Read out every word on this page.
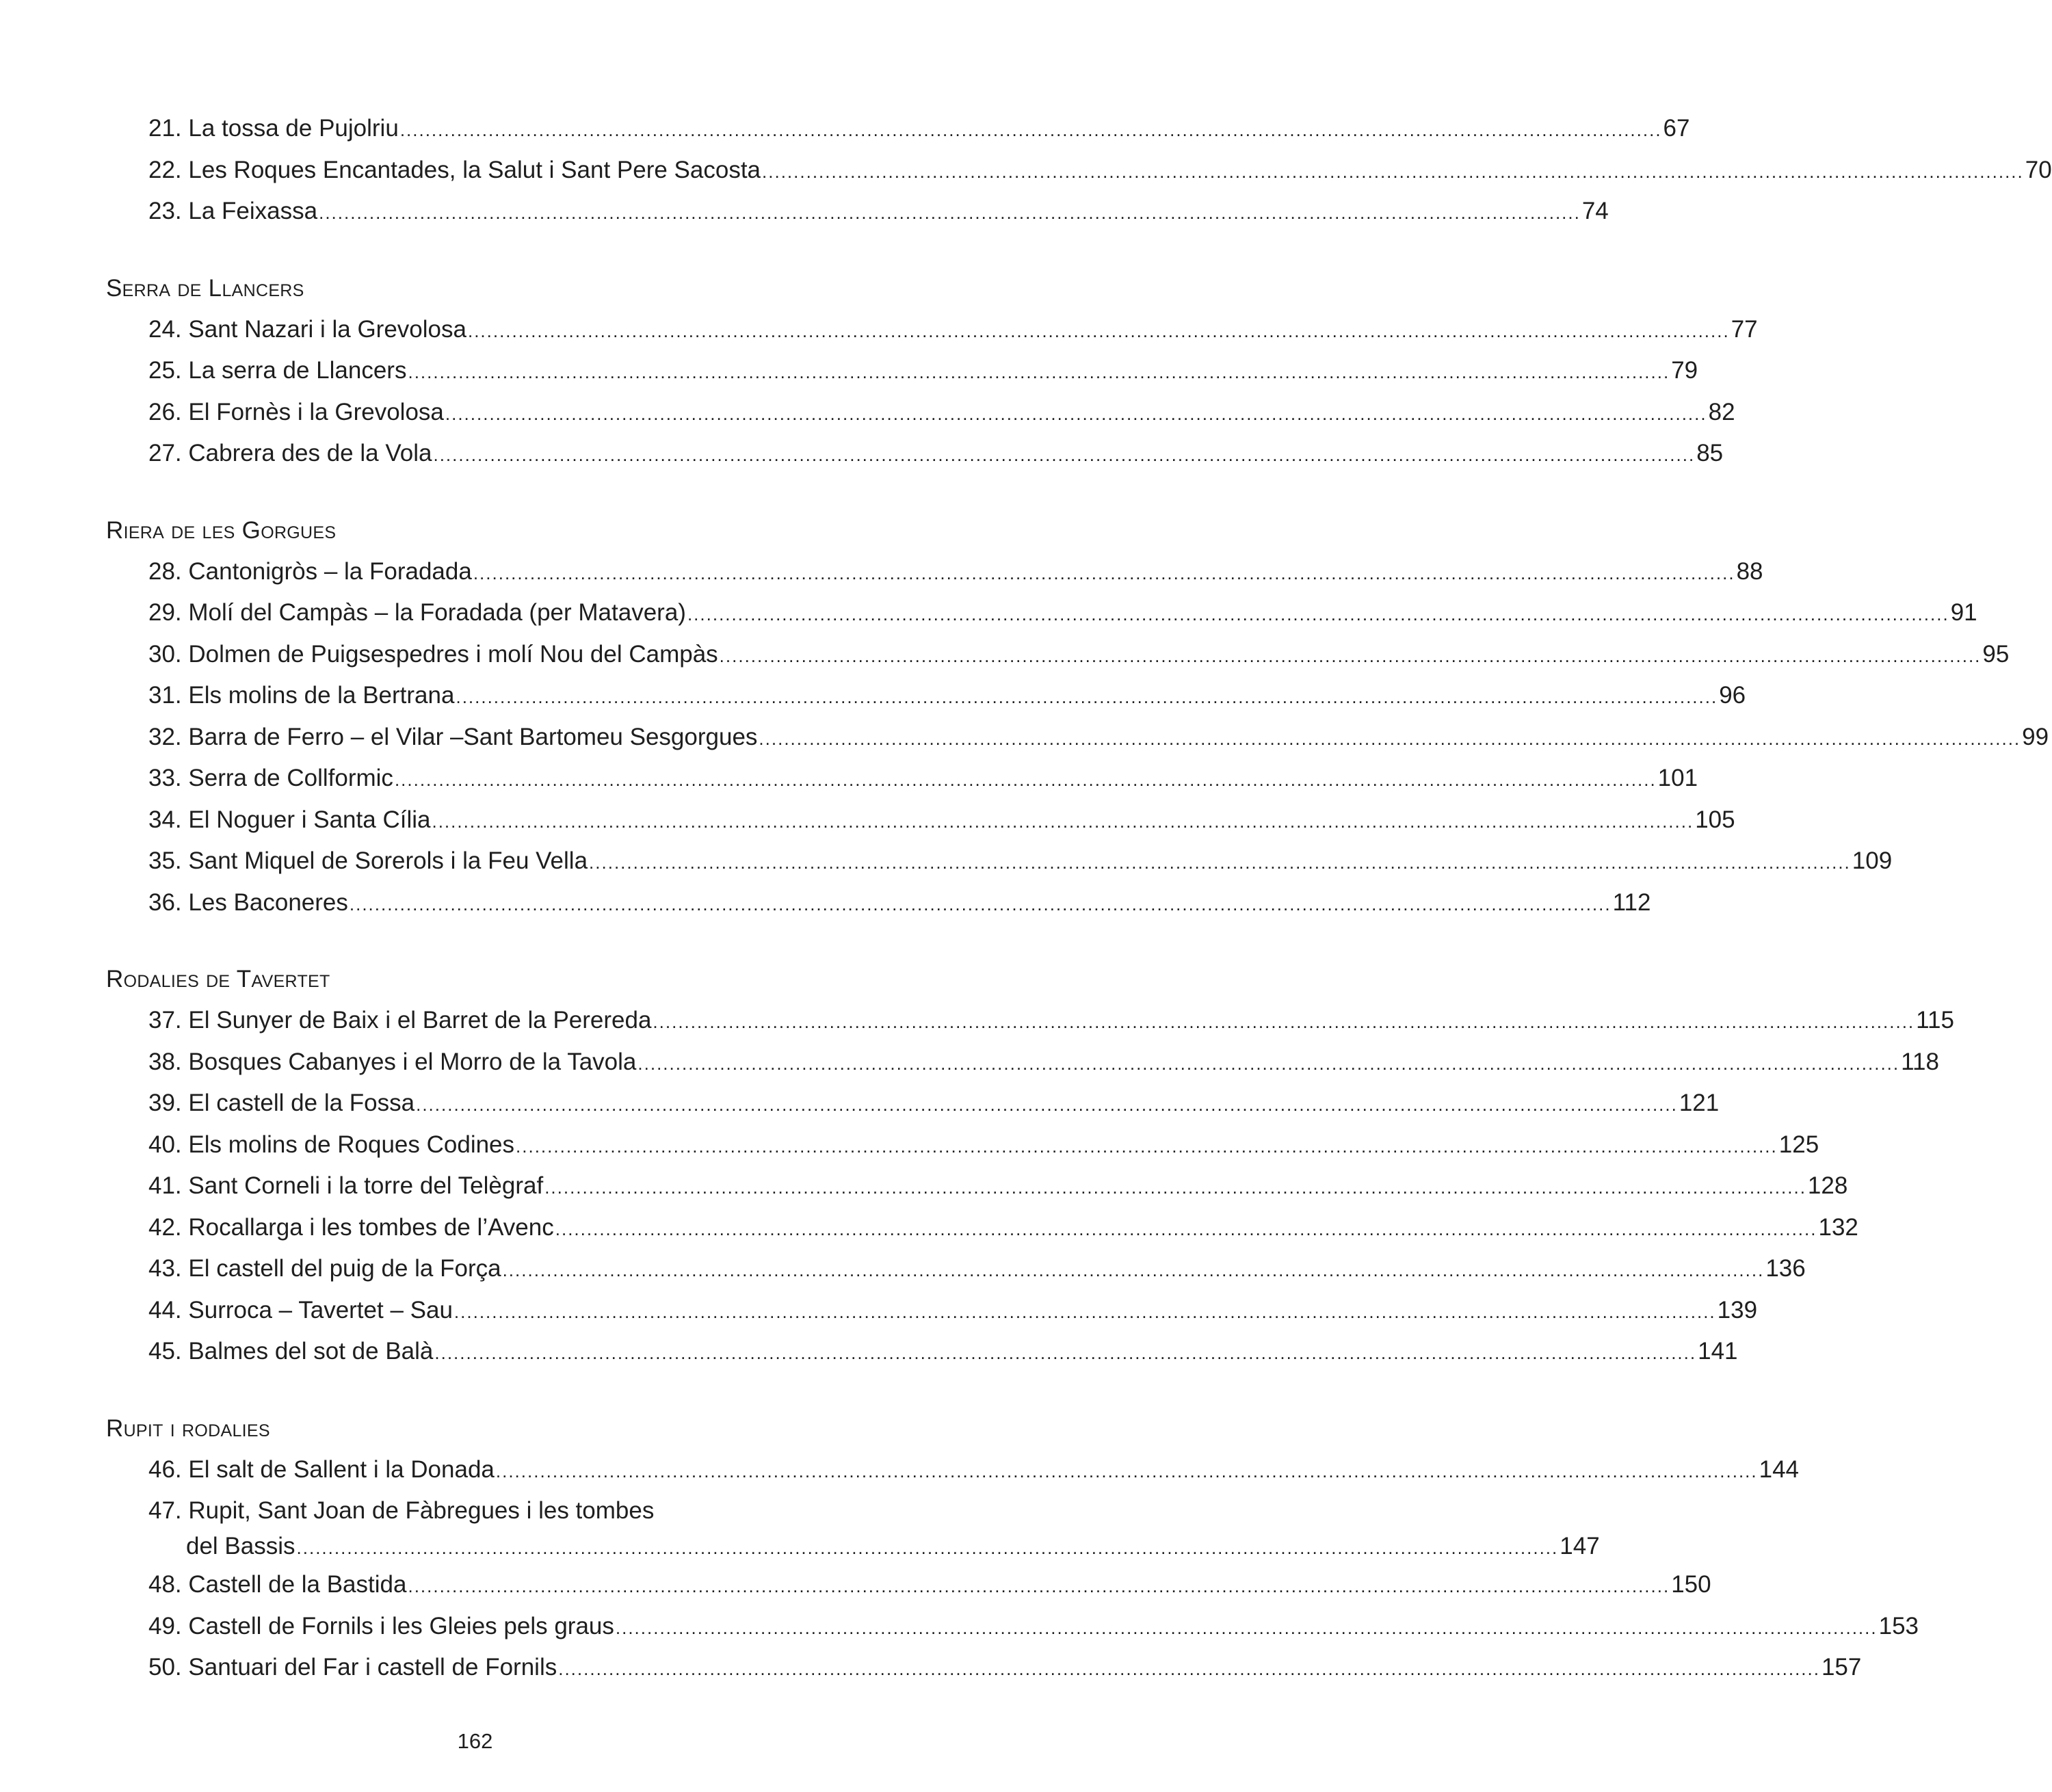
21. La tossa de Pujolriu .....	67
22. Les Roques Encantades, la Salut i Sant Pere Sacosta .....	70
23. La Feixassa .....	74
Serra de Llancers
24. Sant Nazari i la Grevolosa .....	77
25. La serra de Llancers .....	79
26. El Fornès i la Grevolosa .....	82
27. Cabrera des de la Vola .....	85
Riera de les Gorgues
28. Cantonigròs – la Foradada .....	88
29. Molí del Campàs – la Foradada (per Matavera) .....	91
30. Dolmen de Puigsespedres i molí Nou del Campàs .....	95
31. Els molins de la Bertrana .....	96
32. Barra de Ferro – el Vilar –Sant Bartomeu Sesgorgues .....	99
33. Serra de Collformic .....	101
34. El Noguer i Santa Cília .....	105
35. Sant Miquel de Sorerols i la Feu Vella .....	109
36. Les Baconeres .....	112
Rodalies de Tavertet
37. El Sunyer de Baix i el Barret de la Perereda .....	115
38. Bosques Cabanyes i el Morro de la Tavola .....	118
39. El castell de la Fossa .....	121
40. Els molins de Roques Codines .....	125
41. Sant Corneli i la torre del Telègraf .....	128
42. Rocallarga i les tombes de l’Avenc .....	132
43. El castell del puig de la Força .....	136
44. Surroca – Tavertet – Sau .....	139
45. Balmes del sot de Balà .....	141
Rupit i rodalies
46. El salt de Sallent i la Donada .....	144
47. Rupit, Sant Joan de Fàbregues i les tombes
del Bassis .....	147
48. Castell de la Bastida .....	150
49. Castell de Fornils i les Gleies pels graus .....	153
50. Santuari del Far i castell de Fornils .....	157
162
